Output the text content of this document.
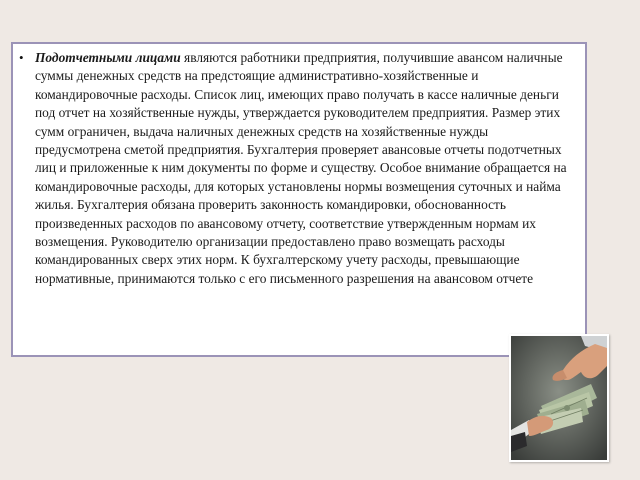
• Подотчетными лицами являются работники предприятия, получившие авансом наличные суммы денежных средств на предстоящие административно-хозяйственные и командировочные расходы. Список лиц, имеющих право получать в кассе наличные деньги под отчет на хозяйственные нужды, утверждается руководителем предприятия. Размер этих сумм ограничен, выдача наличных денежных средств на хозяйственные нужды предусмотрена сметой предприятия. Бухгалтерия проверяет авансовые отчеты подотчетных лиц и приложенные к ним документы по форме и существу. Особое внимание обращается на командировочные расходы, для которых установлены нормы возмещения суточных и найма жилья. Бухгалтерия обязана проверить законность командировки, обоснованность произведенных расходов по авансовому отчету, соответствие утвержденным нормам их возмещения. Руководителю организации предоставлено право возмещать расходы командированных сверх этих норм. К бухгалтерскому учету расходы, превышающие нормативные, принимаются только с его письменного разрешения на авансовом отчете
